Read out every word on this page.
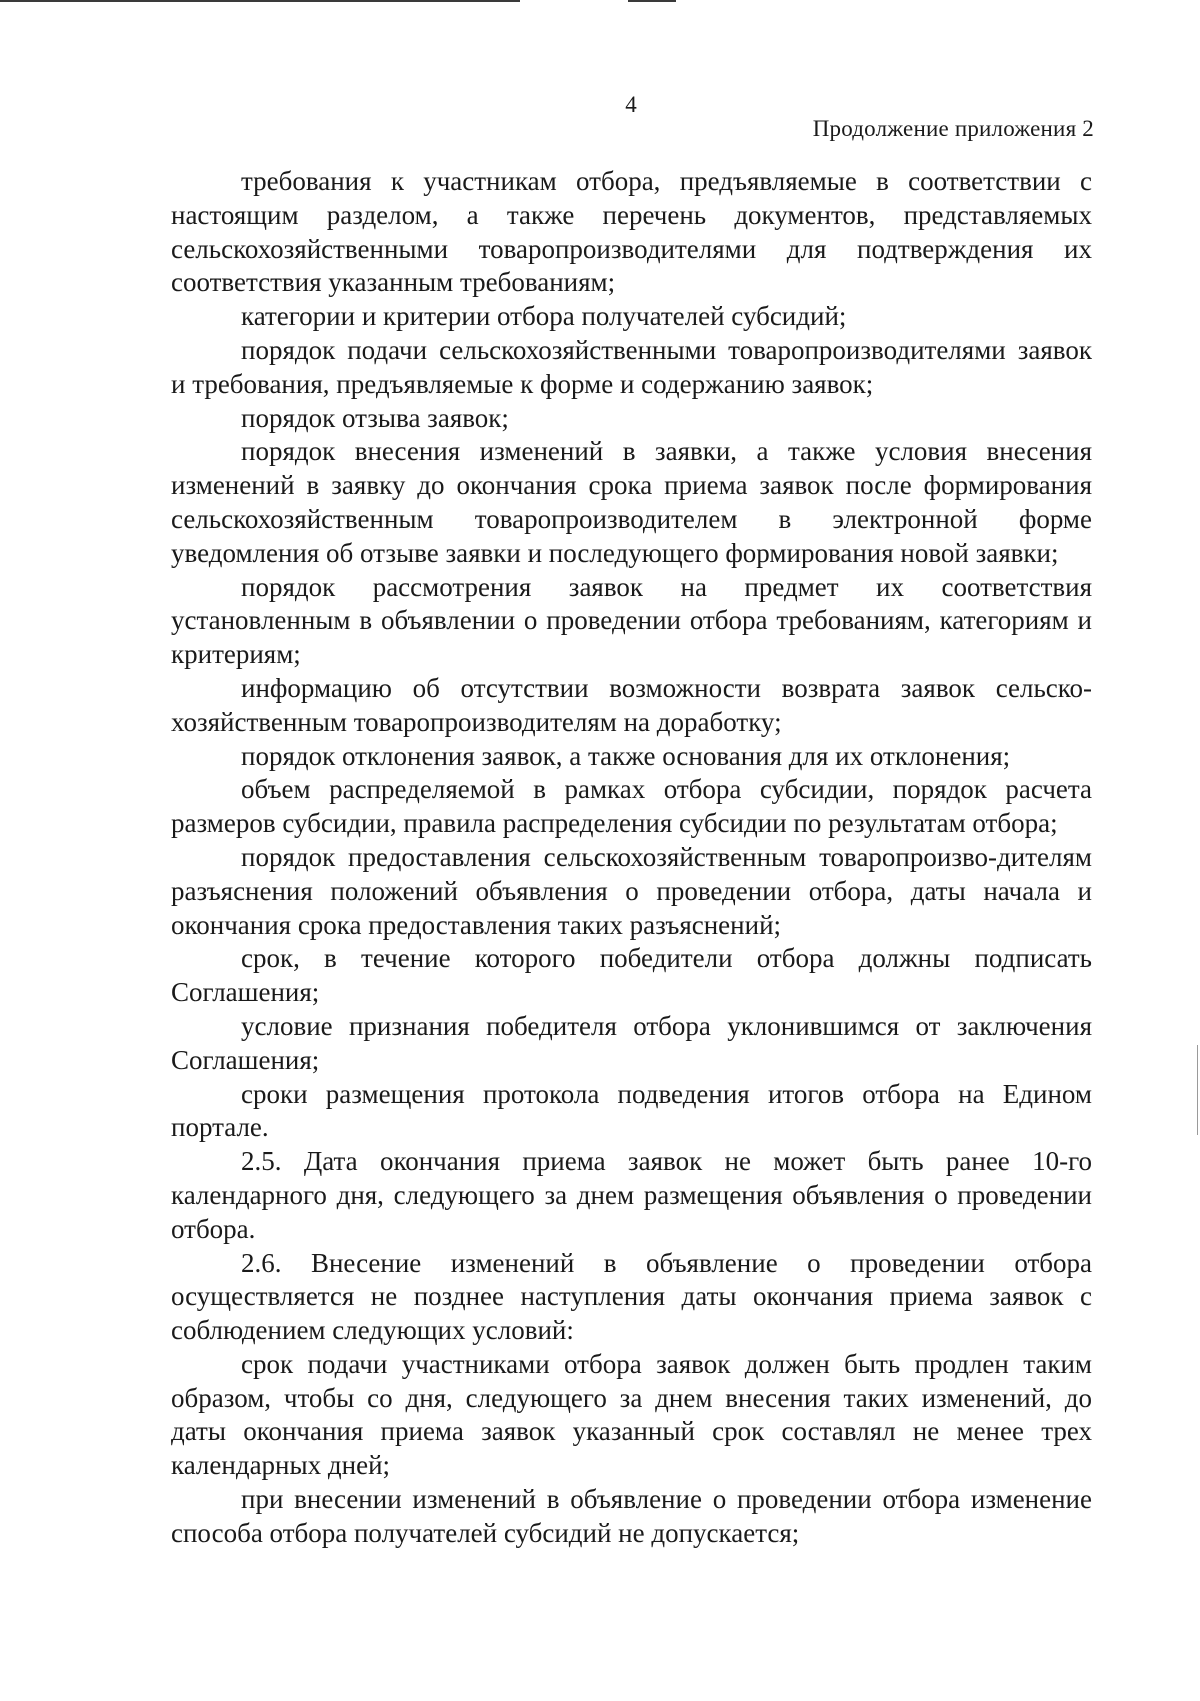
4
Продолжение приложения 2

требования к участникам отбора, предъявляемые в соответствии с настоящим разделом, а также перечень документов, представляемых сельскохозяйственными товаропроизводителями для подтверждения их соответствия указанным требованиям;

категории и критерии отбора получателей субсидий;

порядок подачи сельскохозяйственными товаропроизводителями заявок и требования, предъявляемые к форме и содержанию заявок;

порядок отзыва заявок;

порядок внесения изменений в заявки, а также условия внесения изменений в заявку до окончания срока приема заявок после формирования сельскохозяйственным товаропроизводителем в электронной форме уведомления об отзыве заявки и последующего формирования новой заявки;

порядок рассмотрения заявок на предмет их соответствия установленным в объявлении о проведении отбора требованиям, категориям и критериям;

информацию об отсутствии возможности возврата заявок сельско-хозяйственным товаропроизводителям на доработку;

порядок отклонения заявок, а также основания для их отклонения;

объем распределяемой в рамках отбора субсидии, порядок расчета размеров субсидии, правила распределения субсидии по результатам отбора;

порядок предоставления сельскохозяйственным товаропроизво-дителям разъяснения положений объявления о проведении отбора, даты начала и окончания срока предоставления таких разъяснений;

срок, в течение которого победители отбора должны подписать Соглашения;

условие признания победителя отбора уклонившимся от заключения Соглашения;

сроки размещения протокола подведения итогов отбора на Едином портале.

2.5. Дата окончания приема заявок не может быть ранее 10-го календарного дня, следующего за днем размещения объявления о проведении отбора.

2.6. Внесение изменений в объявление о проведении отбора осуществляется не позднее наступления даты окончания приема заявок с соблюдением следующих условий:

срок подачи участниками отбора заявок должен быть продлен таким образом, чтобы со дня, следующего за днем внесения таких изменений, до даты окончания приема заявок указанный срок составлял не менее трех календарных дней;

при внесении изменений в объявление о проведении отбора изменение способа отбора получателей субсидий не допускается;
